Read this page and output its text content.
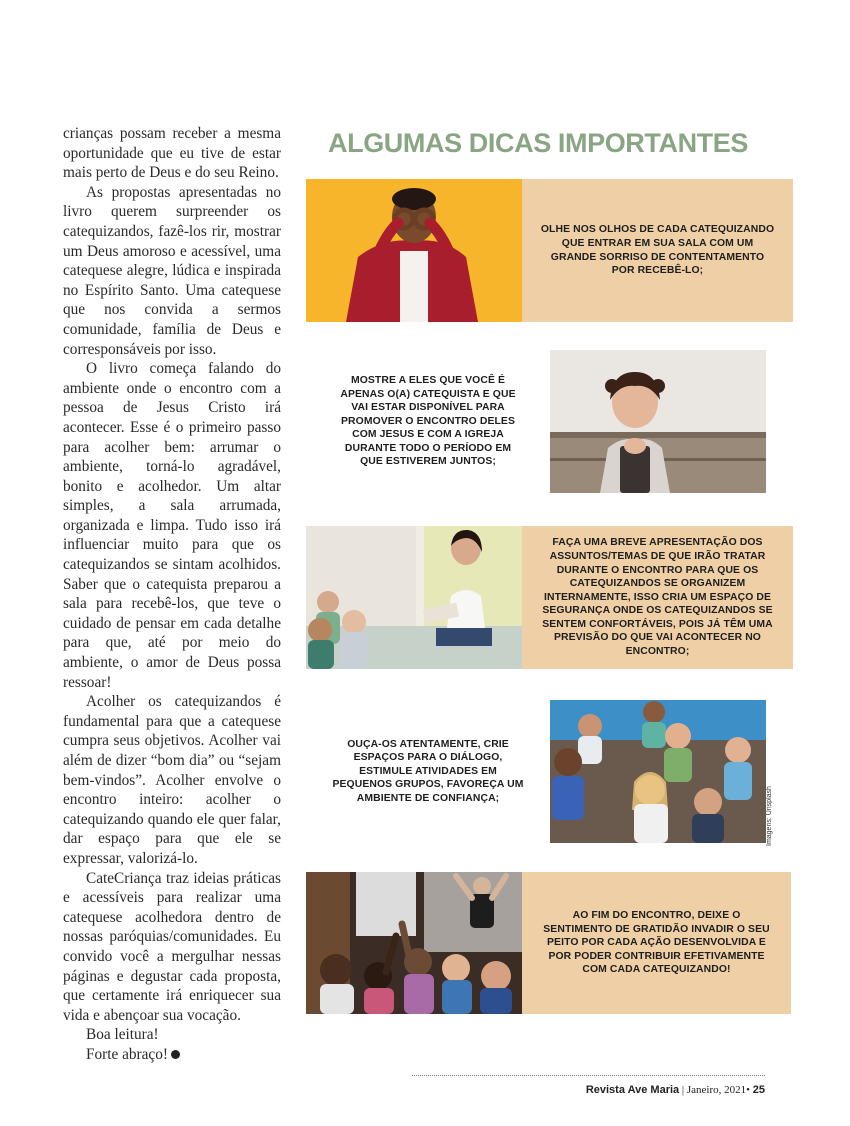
crianças possam receber a mesma oportunidade que eu tive de estar mais perto de Deus e do seu Reino.

As propostas apresentadas no livro querem surpreender os catequizandos, fazê-los rir, mostrar um Deus amoroso e acessível, uma catequese alegre, lúdica e inspirada no Espírito Santo. Uma catequese que nos convida a sermos comunidade, família de Deus e corresponsáveis por isso.

O livro começa falando do ambiente onde o encontro com a pessoa de Jesus Cristo irá acontecer. Esse é o primeiro passo para acolher bem: arrumar o ambiente, torná-lo agradável, bonito e acolhedor. Um altar simples, a sala arrumada, organizada e limpa. Tudo isso irá influenciar muito para que os catequizandos se sintam acolhidos. Saber que o catequista preparou a sala para recebê-los, que teve o cuidado de pensar em cada detalhe para que, até por meio do ambiente, o amor de Deus possa ressoar!

Acolher os catequizandos é fundamental para que a catequese cumpra seus objetivos. Acolher vai além de dizer “bom dia” ou “sejam bem-vindos”. Acolher envolve o encontro inteiro: acolher o catequizando quando ele quer falar, dar espaço para que ele se expressar, valorizá-lo.

CateCriança traz ideias práticas e acessíveis para realizar uma catequese acolhedora dentro de nossas paróquias/comunidades. Eu convido você a mergulhar nessas páginas e degustar cada proposta, que certamente irá enriquecer sua vida e abençoar sua vocação.

Boa leitura!

Forte abraço!

ALGUMAS DICAS IMPORTANTES

OLHE NOS OLHOS DE CADA CATEQUIZANDO QUE ENTRAR EM SUA SALA COM UM GRANDE SORRISO DE CONTENTAMENTO POR RECEBÊ-LO;

MOSTRE A ELES QUE VOCÊ É APENAS O(A) CATEQUISTA E QUE VAI ESTAR DISPONÍVEL PARA PROMOVER O ENCONTRO DELES COM JESUS E COM A IGREJA DURANTE TODO O PERÍODO EM QUE ESTIVEREM JUNTOS;

FAÇA UMA BREVE APRESENTAÇÃO DOS ASSUNTOS/TEMAS DE QUE IRÃO TRATAR DURANTE O ENCONTRO PARA QUE OS CATEQUIZANDOS SE ORGANIZEM INTERNAMENTE, ISSO CRIA UM ESPAÇO DE SEGURANÇA ONDE OS CATEQUIZANDOS SE SENTEM CONFORTÁVEIS, POIS JÁ TÊM UMA PREVISÃO DO QUE VAI ACONTECER NO ENCONTRO;

OUÇA-OS ATENTAMENTE, CRIE ESPAÇOS PARA O DIÁLOGO, ESTIMULE ATIVIDADES EM PEQUENOS GRUPOS, FAVOREÇA UM AMBIENTE DE CONFIANÇA;	Imagens: Unsplash

AO FIM DO ENCONTRO, DEIXE O SENTIMENTO DE GRATIDÃO INVADIR O SEU PEITO POR CADA AÇÃO DESENVOLVIDA E POR PODER CONTRIBUIR EFETIVAMENTE COM CADA CATEQUIZANDO!

Revista Ave Maria | Janeiro, 2021• 25
